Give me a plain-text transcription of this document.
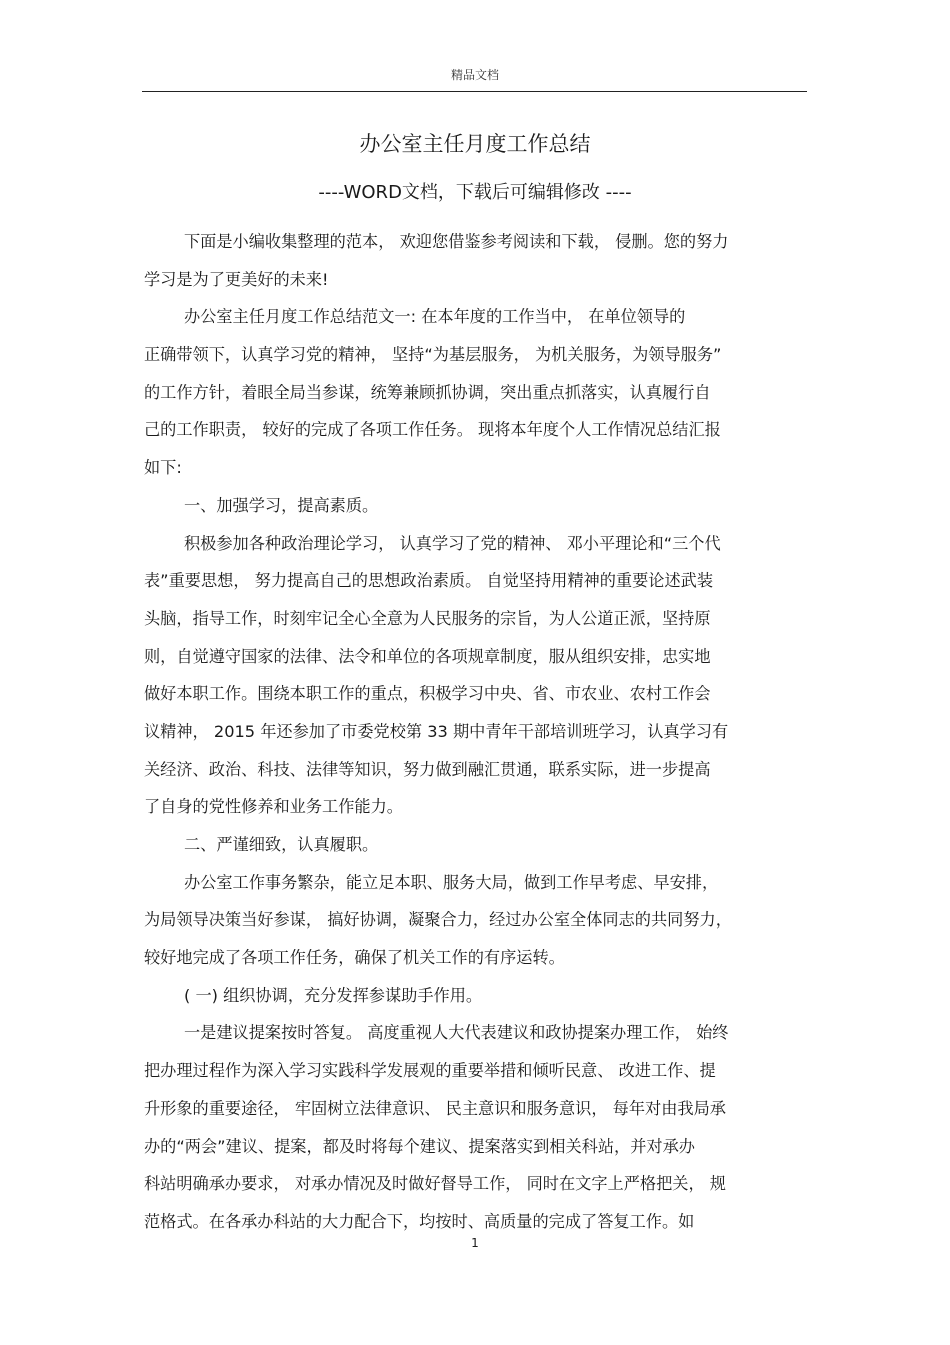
精品文档
办公室主任月度工作总结
----WORD文档，下载后可编辑修改 ----
下面是小编收集整理的范本， 欢迎您借鉴参考阅读和下载， 侵删。您的努力
学习是为了更美好的未来!
办公室主任月度工作总结范文一: 在本年度的工作当中， 在单位领导的
正确带领下，认真学习党的精神， 坚持“为基层服务， 为机关服务，为领导服务”
的工作方针，着眼全局当参谋，统筹兼顾抓协调，突出重点抓落实，认真履行自
己的工作职责， 较好的完成了各项工作任务。 现将本年度个人工作情况总结汇报
如下:
一、加强学习，提高素质。
积极参加各种政治理论学习， 认真学习了党的精神、 邓小平理论和“三个代
表”重要思想， 努力提高自己的思想政治素质。 自觉坚持用精神的重要论述武装
头脑，指导工作，时刻牢记全心全意为人民服务的宗旨，为人公道正派，坚持原
则，自觉遵守国家的法律、法令和单位的各项规章制度，服从组织安排，忠实地
做好本职工作。围绕本职工作的重点，积极学习中央、省、市农业、农村工作会
议精神， 2015 年还参加了市委党校第 33 期中青年干部培训班学习，认真学习有
关经济、政治、科技、法律等知识，努力做到融汇贯通，联系实际，进一步提高
了自身的党性修养和业务工作能力。
二、严谨细致，认真履职。
办公室工作事务繁杂，能立足本职、服务大局，做到工作早考虑、早安排，
为局领导决策当好参谋， 搞好协调，凝聚合力，经过办公室全体同志的共同努力，
较好地完成了各项工作任务，确保了机关工作的有序运转。
( 一) 组织协调，充分发挥参谋助手作用。
一是建议提案按时答复。 高度重视人大代表建议和政协提案办理工作， 始终
把办理过程作为深入学习实践科学发展观的重要举措和倾听民意、 改进工作、提
升形象的重要途径， 牢固树立法律意识、 民主意识和服务意识， 每年对由我局承
办的“两会”建议、提案，都及时将每个建议、提案落实到相关科站，并对承办
科站明确承办要求， 对承办情况及时做好督导工作， 同时在文字上严格把关， 规
范格式。在各承办科站的大力配合下，均按时、高质量的完成了答复工作。如
1
